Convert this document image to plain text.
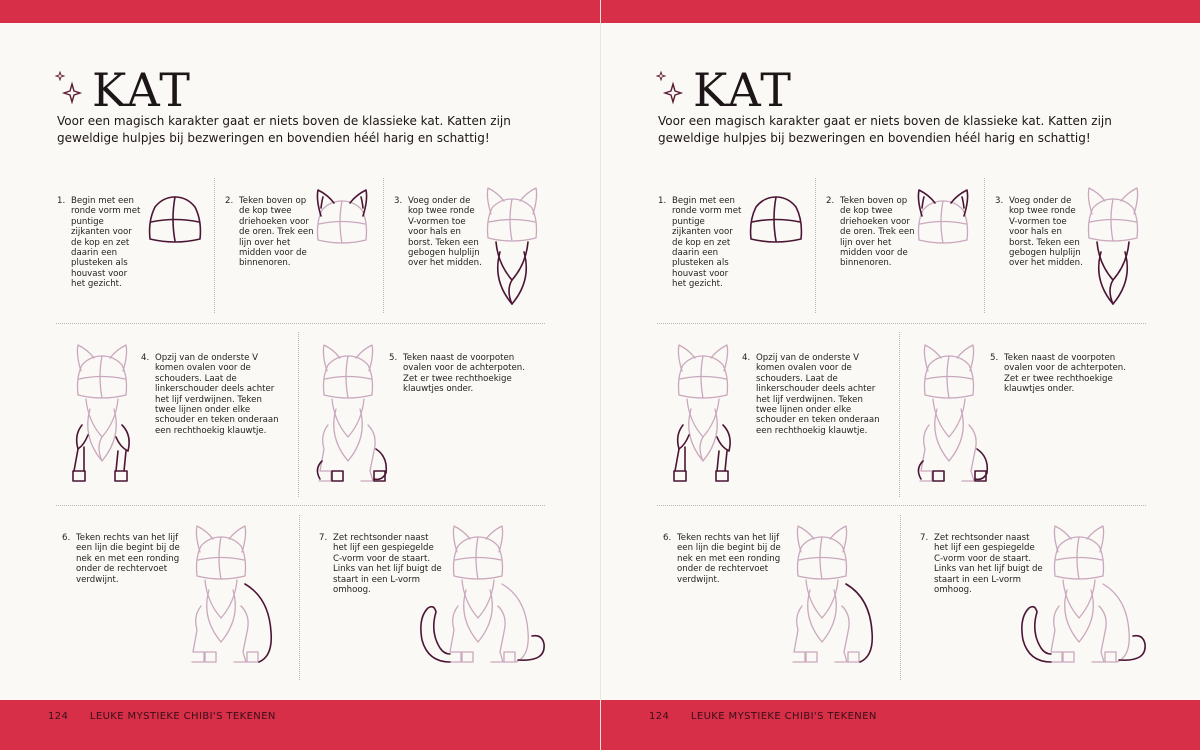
KAT
Voor een magisch karakter gaat er niets boven de klassieke kat. Katten zijn geweldige hulpjes bij bezweringen en bovendien héél harig en schattig!
1. Begin met een ronde vorm met puntige zijkanten voor de kop en zet daarin een plusteken als houvast voor het gezicht.
2. Teken boven op de kop twee driehoeken voor de oren. Trek een lijn over het midden voor de binnenoren.
3. Voeg onder de kop twee ronde V-vormen toe voor hals en borst. Teken een gebogen hulplijn over het midden.
4. Opzij van de onderste V komen ovalen voor de schouders. Laat de linkerschouder deels achter het lijf verdwijnen. Teken twee lijnen onder elke schouder en teken onderaan een rechthoekig klauwtje.
5. Teken naast de voorpoten ovalen voor de achterpoten. Zet er twee rechthoekige klauwtjes onder.
6. Teken rechts van het lijf een lijn die begint bij de nek en met een ronding onder de rechtervoet verdwijnt.
7. Zet rechtsonder naast het lijf een gespiegelde C-vorm voor de staart. Links van het lijf buigt de staart in een L-vorm omhoog.
124 LEUKE MYSTIEKE CHIBI'S TEKENEN
KAT
Voor een magisch karakter gaat er niets boven de klassieke kat. Katten zijn geweldige hulpjes bij bezweringen en bovendien héél harig en schattig!
1. Begin met een ronde vorm met puntige zijkanten voor de kop en zet daarin een plusteken als houvast voor het gezicht.
2. Teken boven op de kop twee driehoeken voor de oren. Trek een lijn over het midden voor de binnenoren.
3. Voeg onder de kop twee ronde V-vormen toe voor hals en borst. Teken een gebogen hulplijn over het midden.
4. Opzij van de onderste V komen ovalen voor de schouders. Laat de linkerschouder deels achter het lijf verdwijnen. Teken twee lijnen onder elke schouder en teken onderaan een rechthoekig klauwtje.
5. Teken naast de voorpoten ovalen voor de achterpoten. Zet er twee rechthoekige klauwtjes onder.
6. Teken rechts van het lijf een lijn die begint bij de nek en met een ronding onder de rechtervoet verdwijnt.
7. Zet rechtsonder naast het lijf een gespiegelde C-vorm voor de staart. Links van het lijf buigt de staart in een L-vorm omhoog.
124 LEUKE MYSTIEKE CHIBI'S TEKENEN
